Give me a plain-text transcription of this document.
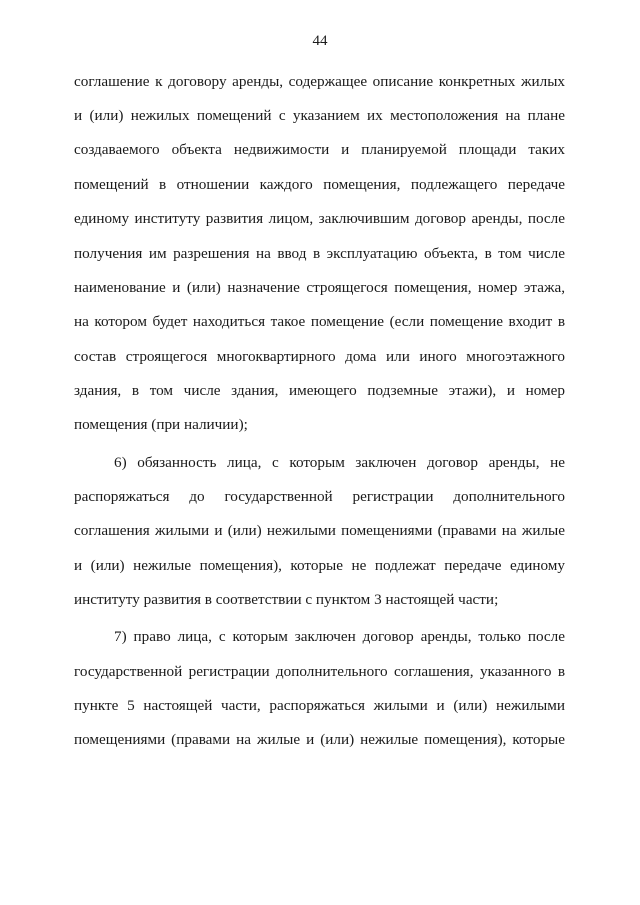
44
соглашение к договору аренды, содержащее описание конкретных жилых
и (или) нежилых помещений с указанием их местоположения на плане
создаваемого объекта недвижимости и планируемой площади таких
помещений в отношении каждого помещения, подлежащего передаче
единому институту развития лицом, заключившим договор аренды, после
получения им разрешения на ввод в эксплуатацию объекта, в том числе
наименование и (или) назначение строящегося помещения, номер этажа,
на котором будет находиться такое помещение (если помещение входит в
состав строящегося многоквартирного дома или иного многоэтажного
здания, в том числе здания, имеющего подземные этажи), и номер
помещения (при наличии);
6) обязанность лица, с которым заключен договор аренды, не
распоряжаться до государственной регистрации дополнительного
соглашения жилыми и (или) нежилыми помещениями (правами на жилые
и (или) нежилые помещения), которые не подлежат передаче единому
институту развития в соответствии с пунктом 3 настоящей части;
7) право лица, с которым заключен договор аренды, только после
государственной регистрации дополнительного соглашения, указанного в
пункте 5 настоящей части, распоряжаться жилыми и (или) нежилыми
помещениями (правами на жилые и (или) нежилые помещения), которые
